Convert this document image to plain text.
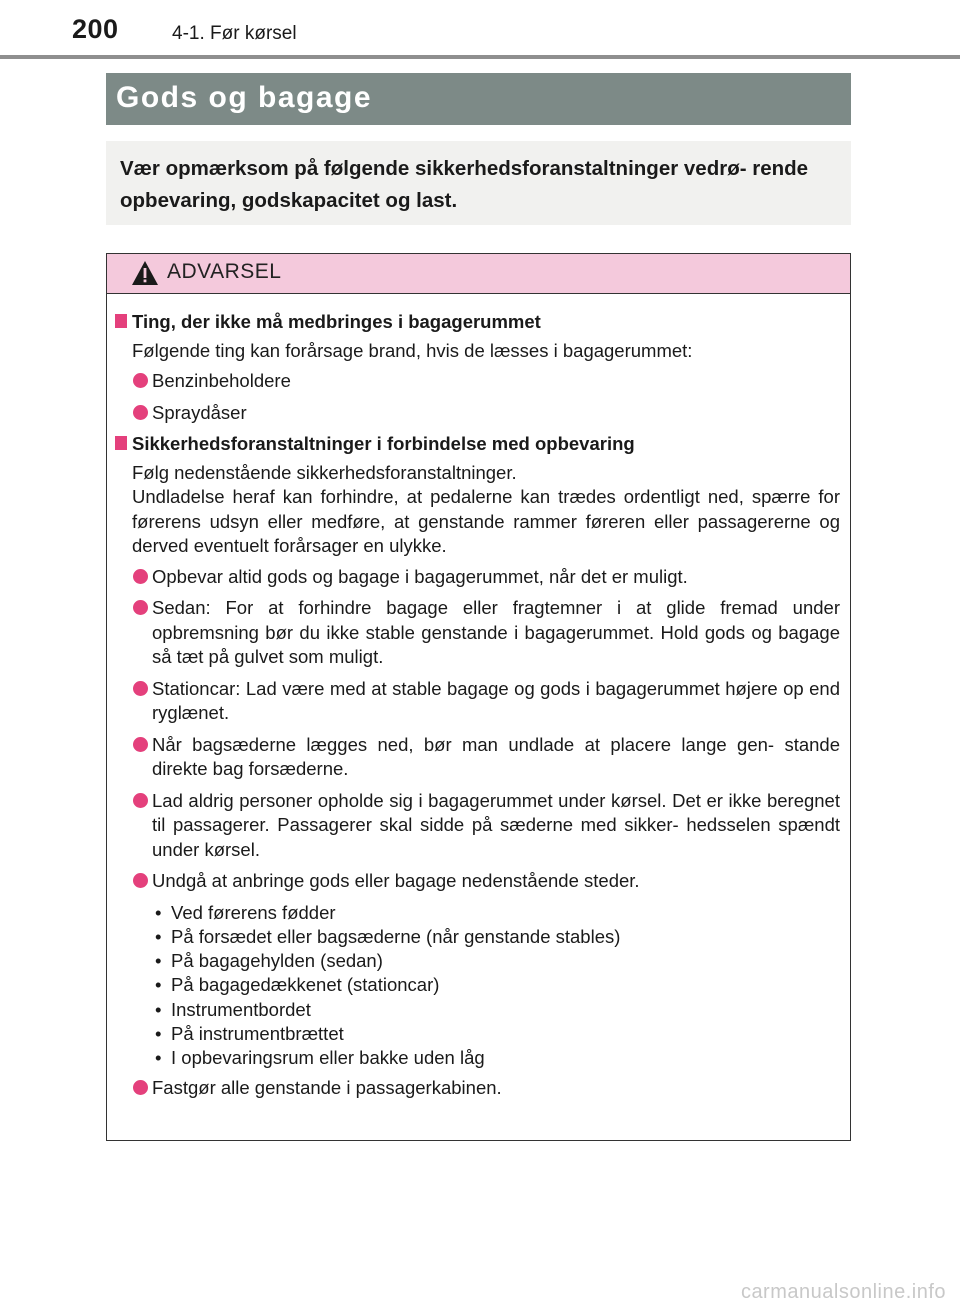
200	4-1. Før kørsel
Gods og bagage
Vær opmærksom på følgende sikkerhedsforanstaltninger vedrø- rende opbevaring, godskapacitet og last.
ADVARSEL
Ting, der ikke må medbringes i bagagerummet
Følgende ting kan forårsage brand, hvis de læsses i bagagerummet:
Benzinbeholdere
Spraydåser
Sikkerhedsforanstaltninger i forbindelse med opbevaring
Følg nedenstående sikkerhedsforanstaltninger.
Undladelse heraf kan forhindre, at pedalerne kan trædes ordentligt ned, spærre for førerens udsyn eller medføre, at genstande rammer føreren eller passagererne og derved eventuelt forårsager en ulykke.
Opbevar altid gods og bagage i bagagerummet, når det er muligt.
Sedan: For at forhindre bagage eller fragtemner i at glide fremad under opbremsning bør du ikke stable genstande i bagagerummet. Hold gods og bagage så tæt på gulvet som muligt.
Stationcar: Lad være med at stable bagage og gods i bagagerummet højere op end ryglænet.
Når bagsæderne lægges ned, bør man undlade at placere lange gen- stande direkte bag forsæderne.
Lad aldrig personer opholde sig i bagagerummet under kørsel. Det er ikke beregnet til passagerer. Passagerer skal sidde på sæderne med sikker- hedsselen spændt under kørsel.
Undgå at anbringe gods eller bagage nedenstående steder.
• Ved førerens fødder
• På forsædet eller bagsæderne (når genstande stables)
• På bagagehylden (sedan)
• På bagagedækkenet (stationcar)
• Instrumentbordet
• På instrumentbrættet
• I opbevaringsrum eller bakke uden låg
Fastgør alle genstande i passagerkabinen.
carmanualsonline.info
